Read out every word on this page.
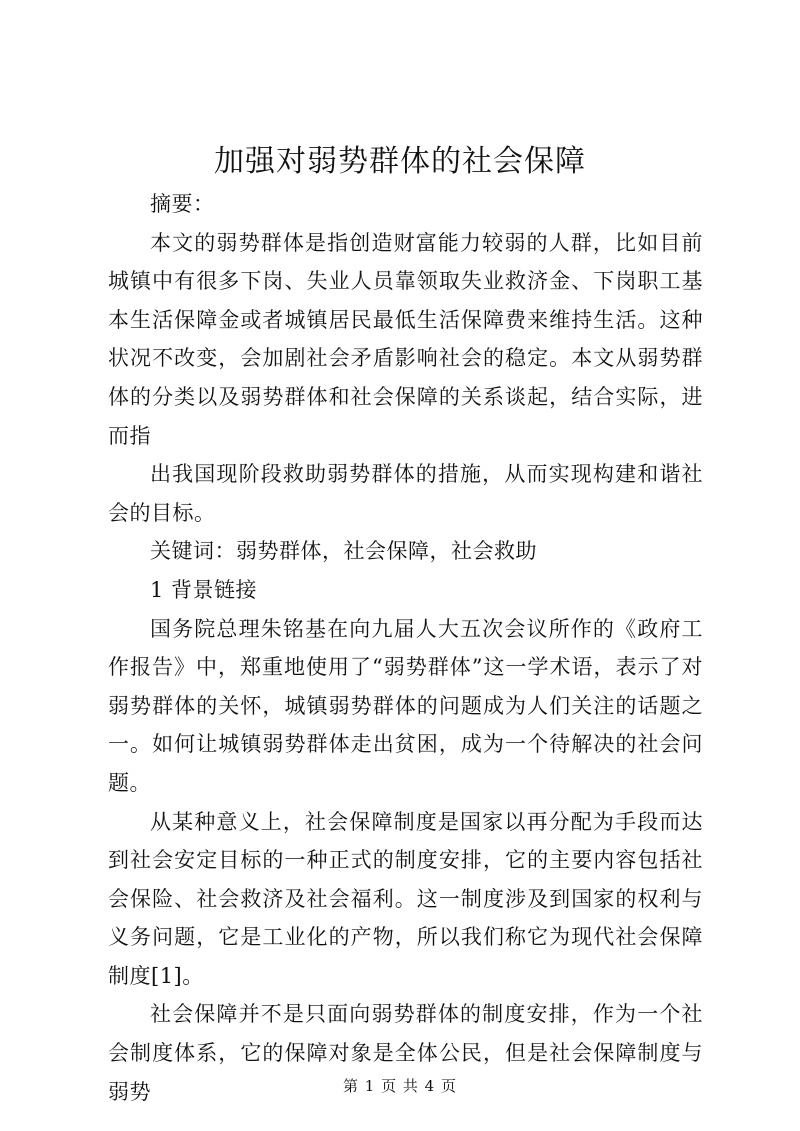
加强对弱势群体的社会保障

摘要：

本文的弱势群体是指创造财富能力较弱的人群，比如目前城镇中有很多下岗、失业人员靠领取失业救济金、下岗职工基本生活保障金或者城镇居民最低生活保障费来维持生活。这种状况不改变，会加剧社会矛盾影响社会的稳定。本文从弱势群体的分类以及弱势群体和社会保障的关系谈起，结合实际，进而指

出我国现阶段救助弱势群体的措施，从而实现构建和谐社会的目标。

关键词：弱势群体，社会保障，社会救助

1 背景链接

国务院总理朱铭基在向九届人大五次会议所作的《政府工作报告》中，郑重地使用了“弱势群体”这一学术语，表示了对弱势群体的关怀，城镇弱势群体的问题成为人们关注的话题之一。如何让城镇弱势群体走出贫困，成为一个待解决的社会问题。

从某种意义上，社会保障制度是国家以再分配为手段而达到社会安定目标的一种正式的制度安排，它的主要内容包括社会保险、社会救济及社会福利。这一制度涉及到国家的权利与义务问题，它是工业化的产物，所以我们称它为现代社会保障制度[1]。

社会保障并不是只面向弱势群体的制度安排，作为一个社会制度体系，它的保障对象是全体公民，但是社会保障制度与弱势	第 1 页 共 4 页
